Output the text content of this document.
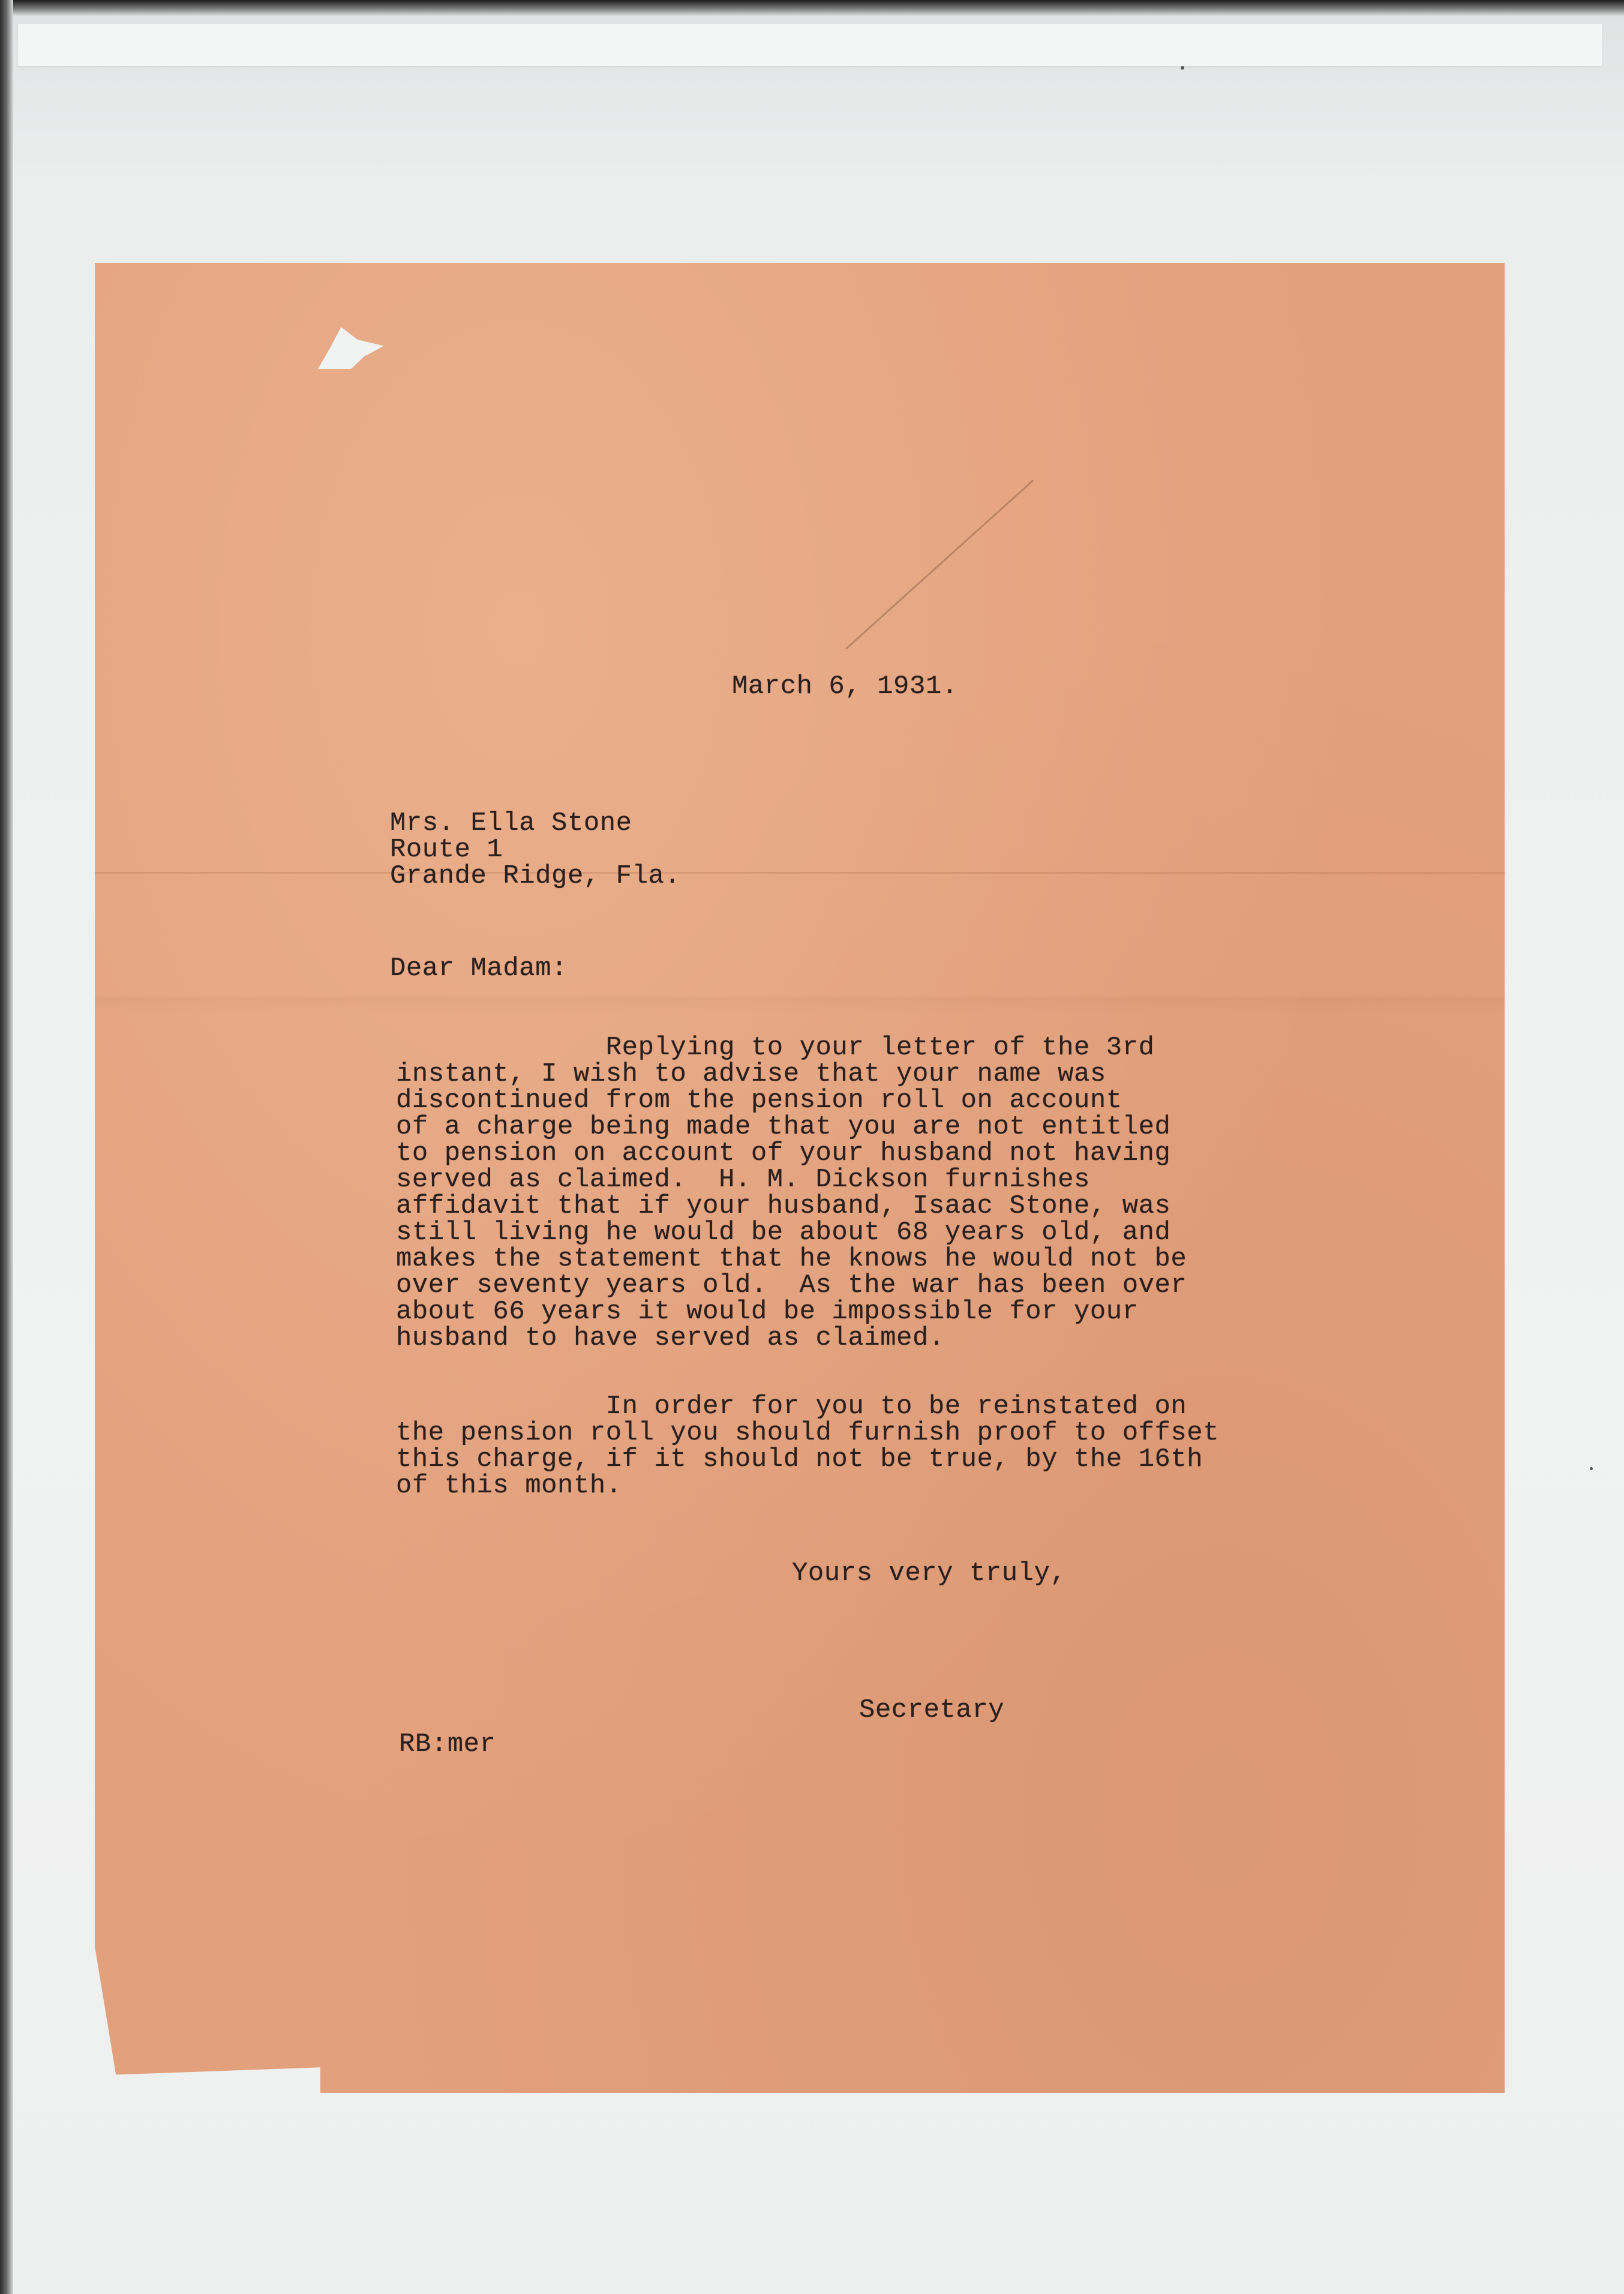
March 6, 1931.
Mrs. Ella Stone
Route 1
Grande Ridge, Fla.
Dear Madam:
Replying to your letter of the 3rd
instant, I wish to advise that your name was
discontinued from the pension roll on account
of a charge being made that you are not entitled
to pension on account of your husband not having
served as claimed.  H. M. Dickson furnishes
affidavit that if your husband, Isaac Stone, was
still living he would be about 68 years old, and
makes the statement that he knows he would not be
over seventy years old.  As the war has been over
about 66 years it would be impossible for your
husband to have served as claimed.
In order for you to be reinstated on
the pension roll you should furnish proof to offset
this charge, if it should not be true, by the 16th
of this month.
Yours very truly,
Secretary
RB:mer
